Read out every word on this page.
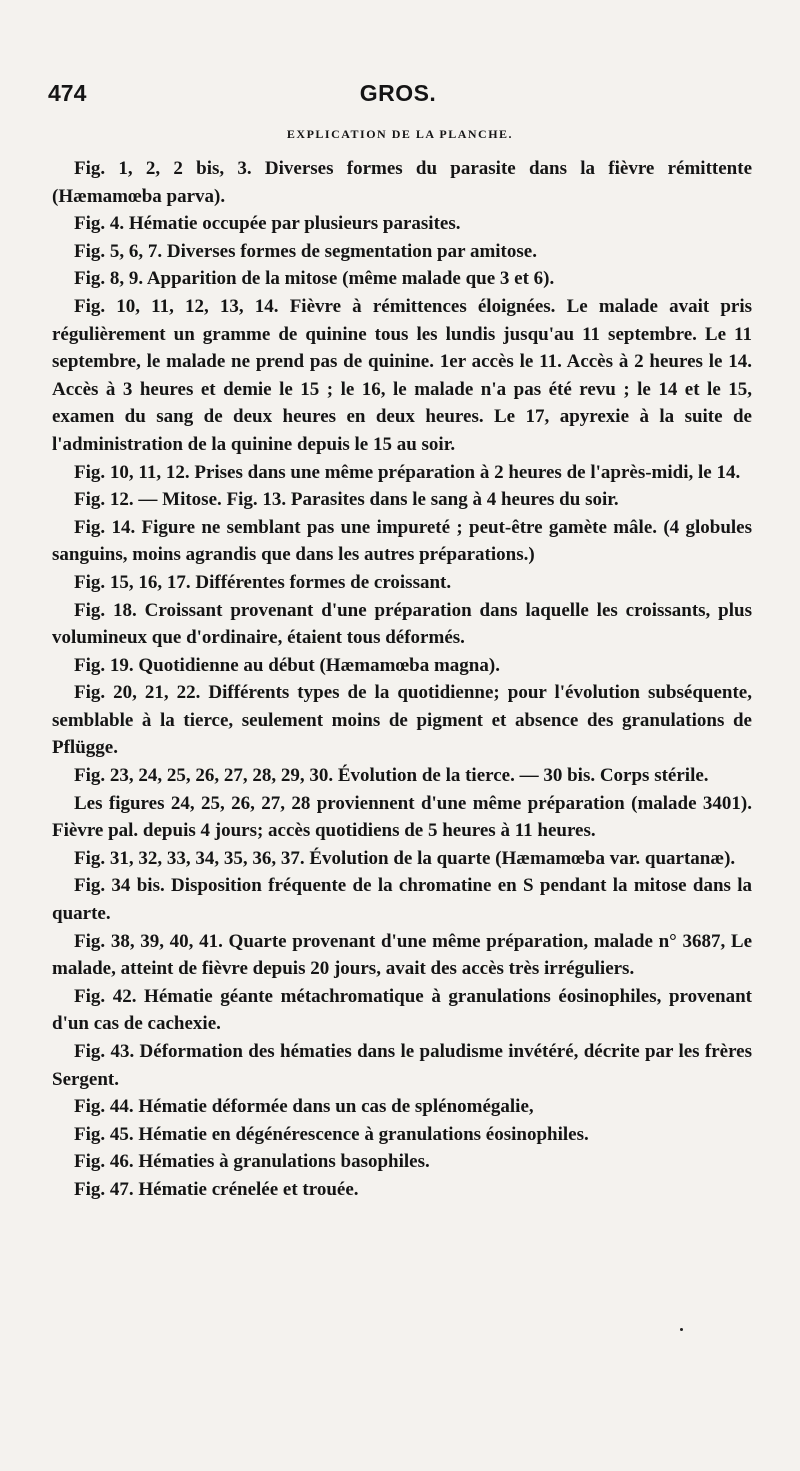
474	GROS.
EXPLICATION DE LA PLANCHE.

Fig. 1, 2, 2 bis, 3. Diverses formes du parasite dans la fièvre rémittente (Hæmamœba parva).

Fig. 4. Hématie occupée par plusieurs parasites.

Fig. 5, 6, 7. Diverses formes de segmentation par amitose.

Fig. 8, 9. Apparition de la mitose (même malade que 3 et 6).

Fig. 10, 11, 12, 13, 14. Fièvre à rémittences éloignées. Le malade avait pris régulièrement un gramme de quinine tous les lundis jusqu'au 11 septembre. Le 11 septembre, le malade ne prend pas de quinine. 1er accès le 11. Accès à 2 heures le 14. Accès à 3 heures et demie le 15 ; le 16, le malade n'a pas été revu ; le 14 et le 15, examen du sang de deux heures en deux heures. Le 17, apyrexie à la suite de l'administration de la quinine depuis le 15 au soir.

Fig. 10, 11, 12. Prises dans une même préparation à 2 heures de l'après-midi, le 14.

Fig. 12. — Mitose. Fig. 13. Parasites dans le sang à 4 heures du soir.

Fig. 14. Figure ne semblant pas une impureté ; peut-être gamète mâle. (4 globules sanguins, moins agrandis que dans les autres préparations.)

Fig. 15, 16, 17. Différentes formes de croissant.

Fig. 18. Croissant provenant d'une préparation dans laquelle les croissants, plus volumineux que d'ordinaire, étaient tous déformés.

Fig. 19. Quotidienne au début (Hæmamœba magna).

Fig. 20, 21, 22. Différents types de la quotidienne; pour l'évolution subséquente, semblable à la tierce, seulement moins de pigment et absence des granulations de Pflügge.

Fig. 23, 24, 25, 26, 27, 28, 29, 30. Évolution de la tierce. — 30 bis. Corps stérile.

Les figures 24, 25, 26, 27, 28 proviennent d'une même préparation (malade 3401). Fièvre pal. depuis 4 jours; accès quotidiens de 5 heures à 11 heures.

Fig. 31, 32, 33, 34, 35, 36, 37. Évolution de la quarte (Hæmamœba var. quartanæ).

Fig. 34 bis. Disposition fréquente de la chromatine en S pendant la mitose dans la quarte.

Fig. 38, 39, 40, 41. Quarte provenant d'une même préparation, malade n° 3687, Le malade, atteint de fièvre depuis 20 jours, avait des accès très irréguliers.

Fig. 42. Hématie géante métachromatique à granulations éosinophiles, provenant d'un cas de cachexie.

Fig. 43. Déformation des hématies dans le paludisme invétéré, décrite par les frères Sergent.

Fig. 44. Hématie déformée dans un cas de splénomégalie,

Fig. 45. Hématie en dégénérescence à granulations éosinophiles.

Fig. 46. Hématies à granulations basophiles.

Fig. 47. Hématie crénelée et trouée.
